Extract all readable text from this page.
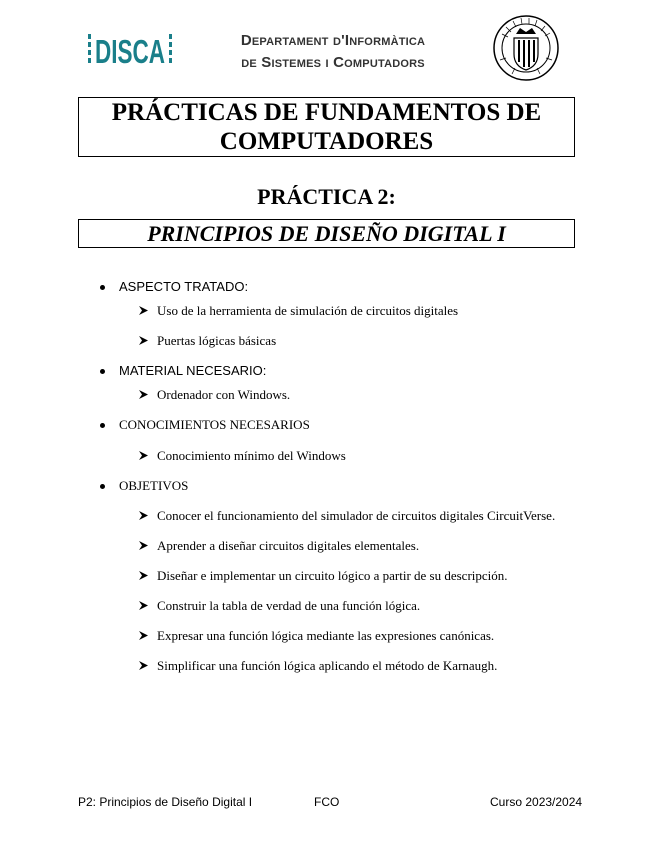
DISCA	Departament d'Informàtica
de Sistemes i Computadors
PRÁCTICAS DE FUNDAMENTOS DE
COMPUTADORES
PRÁCTICA 2:
PRINCIPIOS DE DISEÑO DIGITAL I
ASPECTO TRATADO:
Uso de la herramienta de simulación de circuitos digitales
Puertas lógicas básicas
MATERIAL NECESARIO:
Ordenador con Windows.
CONOCIMIENTOS NECESARIOS
Conocimiento mínimo del Windows
OBJETIVOS
Conocer el funcionamiento del simulador de circuitos digitales CircuitVerse.
Aprender a diseñar circuitos digitales elementales.
Diseñar e implementar un circuito lógico a partir de su descripción.
Construir la tabla de verdad de una función lógica.
Expresar una función lógica mediante las expresiones canónicas.
Simplificar una función lógica aplicando el método de Karnaugh.
P2: Principios de Diseño Digital I	FCO	Curso 2023/2024
